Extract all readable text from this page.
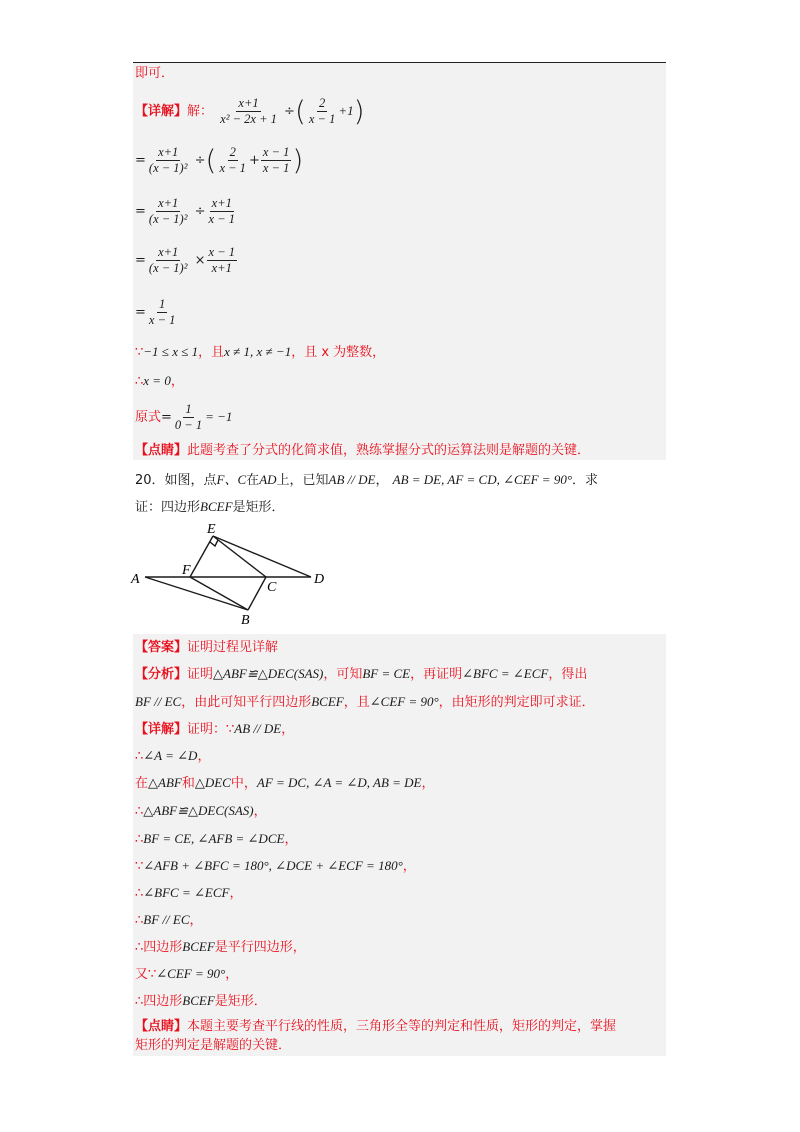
即可．
【详解】解： $\frac{x+1}{\text{x² − 2x + 1}}$ ÷( $\frac{2}{x - 1} +1$)
= $\frac{x+1}{\text{(x − 1)²}}$ ÷( $\frac{2}{x - 1} + \frac{x - 1}{x - 1}$ )
= $\frac{x+1}{\text{(x − 1)²}} \div \frac{x+1}{x - 1}$
= $\frac{x+1}{\text{(x − 1)²}} \times \frac{x - 1}{x+1}$
= $\frac{1}{x - 1}$
∵−1 ≤ x ≤ 1，且x ≠ 1, x ≠ −1，且 x 为整数，
∴x = 0，
原式= $\frac{1}{0 - 1} = -1$
【点睛】此题考查了分式的化简求值，熟练掌握分式的运算法则是解题的关键．
20．如图，点F、C在AD上，已知AB // DE， AB = DE, AF = CD, ∠CEF = 90°．求
证：四边形BCEF是矩形．
A
B
C
D
E
F
【答案】证明过程见详解
【分析】证明△ABF≌△DEC(SAS)，可知BF = CE，再证明∠BFC = ∠ECF，得出
BF // EC，由此可知平行四边形BCEF，且∠CEF = 90°，由矩形的判定即可求证．
【详解】证明：∵AB // DE，
∴∠A = ∠D，
在△ABF和△DEC中，AF = DC, ∠A = ∠D, AB = DE，
∴△ABF≌△DEC(SAS)，
∴BF = CE, ∠AFB = ∠DCE，
∵∠AFB + ∠BFC = 180°, ∠DCE + ∠ECF = 180°，
∴∠BFC = ∠ECF，
∴BF // EC，
∴四边形BCEF是平行四边形，
又∵∠CEF = 90°，
∴四边形BCEF是矩形．
【点睛】本题主要考查平行线的性质，三角形全等的判定和性质，矩形的判定，掌握
矩形的判定是解题的关键．
